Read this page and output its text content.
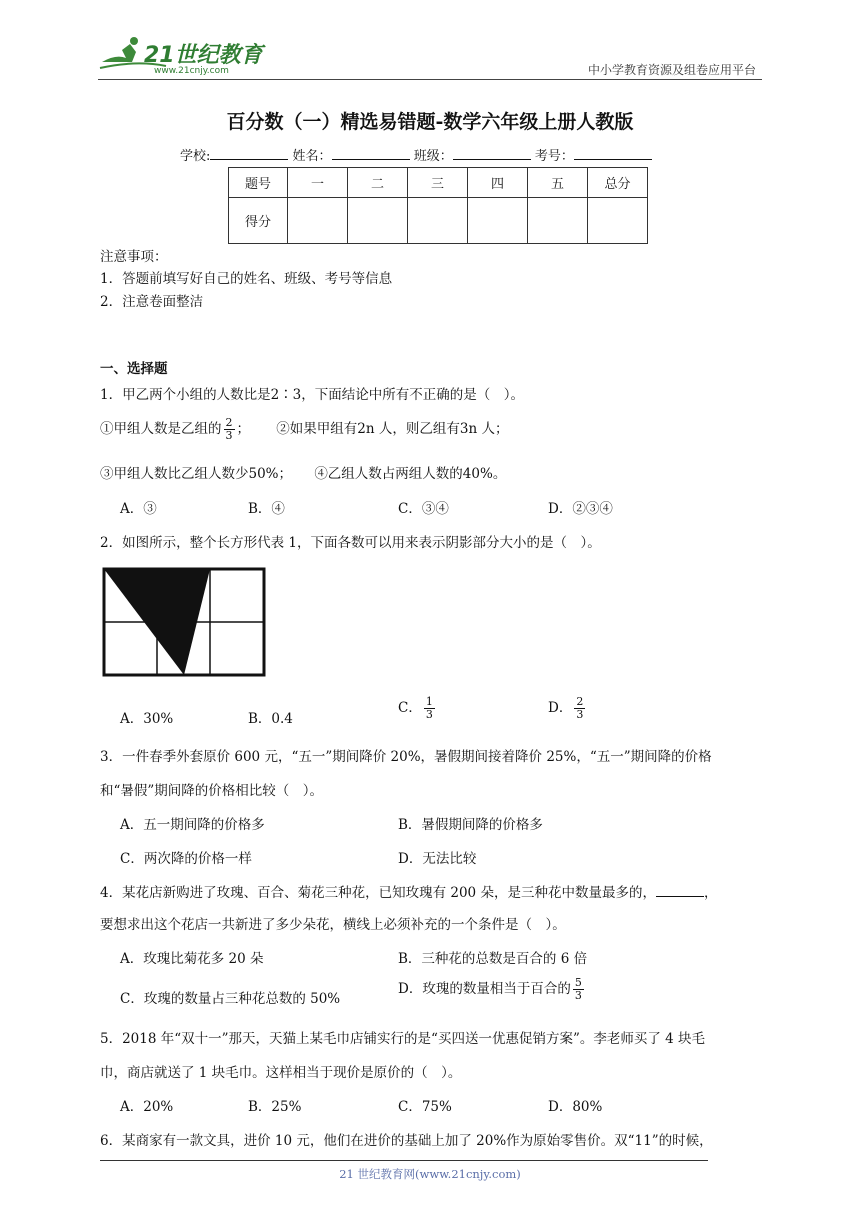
21世纪教育
www.21cnjy.com	中小学教育资源及组卷应用平台
百分数（一）精选易错题-数学六年级上册人教版
学校:	姓名：	班级：	考号：
题号	一	二	三	四	五	总分
得分						
注意事项：
1．答题前填写好自己的姓名、班级、考号等信息
2．注意卷面整洁
一、选择题
1．甲乙两个小组的人数比是2∶3，下面结论中所有不正确的是（　）。
①甲组人数是乙组的 $\frac{2}{3}$ ； ②如果甲组有2n 人，则乙组有3n 人；
③甲组人数比乙组人数少50%； ④乙组人数占两组人数的40%。
A．③	B．④	C．③④	D．②③④
2．如图所示，整个长方形代表 1，下面各数可以用来表示阴影部分大小的是（　）。
A．30%	B．0.4
C． $\frac{1}{3}$	D． $\frac{2}{3}$
3．一件春季外套原价 600 元，“五一”期间降价 20%，暑假期间接着降价 25%，“五一”期间降的价格
和“暑假”期间降的价格相比较（　）。
A．五一期间降的价格多	B．暑假期间降的价格多
C．两次降的价格一样	D．无法比较
4．某花店新购进了玫瑰、百合、菊花三种花，已知玫瑰有 200 朵，是三种花中数量最多的，	，
要想求出这个花店一共新进了多少朵花，横线上必须补充的一个条件是（　）。
A．玫瑰比菊花多 20 朵	B．三种花的总数是百合的 6 倍
C．玫瑰的数量占三种花总数的 50%
D．玫瑰的数量相当于百合的 $\frac{5}{3}$
5．2018 年“双十一”那天，天猫上某毛巾店铺实行的是“买四送一优惠促销方案”。李老师买了 4 块毛
巾，商店就送了 1 块毛巾。这样相当于现价是原价的（　）。
A．20%	B．25%	C．75%	D．80%
6．某商家有一款文具，进价 10 元，他们在进价的基础上加了 20%作为原始零售价。双“11”的时候，
21 世纪教育网(www.21cnjy.com)
